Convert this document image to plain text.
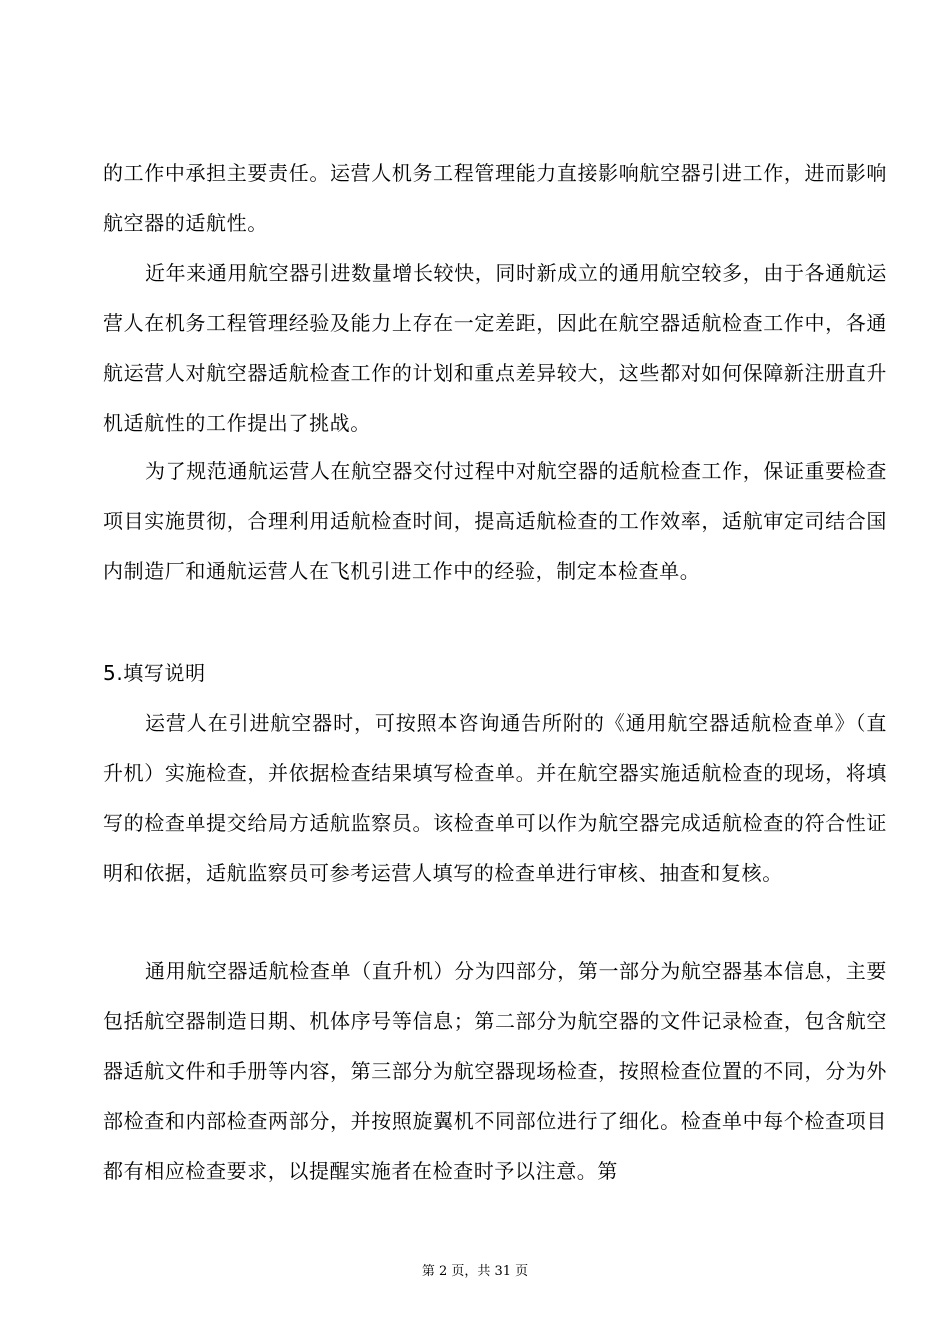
的工作中承担主要责任。运营人机务工程管理能力直接影响航空器引进工作，进而影响航空器的适航性。

近年来通用航空器引进数量增长较快，同时新成立的通用航空较多，由于各通航运营人在机务工程管理经验及能力上存在一定差距，因此在航空器适航检查工作中，各通航运营人对航空器适航检查工作的计划和重点差异较大，这些都对如何保障新注册直升机适航性的工作提出了挑战。

为了规范通航运营人在航空器交付过程中对航空器的适航检查工作，保证重要检查项目实施贯彻，合理利用适航检查时间，提高适航检查的工作效率，适航审定司结合国内制造厂和通航运营人在飞机引进工作中的经验，制定本检查单。

5.填写说明

运营人在引进航空器时，可按照本咨询通告所附的《通用航空器适航检查单》（直升机）实施检查，并依据检查结果填写检查单。并在航空器实施适航检查的现场，将填写的检查单提交给局方适航监察员。该检查单可以作为航空器完成适航检查的符合性证明和依据，适航监察员可参考运营人填写的检查单进行审核、抽查和复核。

通用航空器适航检查单（直升机）分为四部分，第一部分为航空器基本信息，主要包括航空器制造日期、机体序号等信息；第二部分为航空器的文件记录检查，包含航空器适航文件和手册等内容，第三部分为航空器现场检查，按照检查位置的不同，分为外部检查和内部检查两部分，并按照旋翼机不同部位进行了细化。检查单中每个检查项目都有相应检查要求，以提醒实施者在检查时予以注意。第

第 2 页，共 31 页
